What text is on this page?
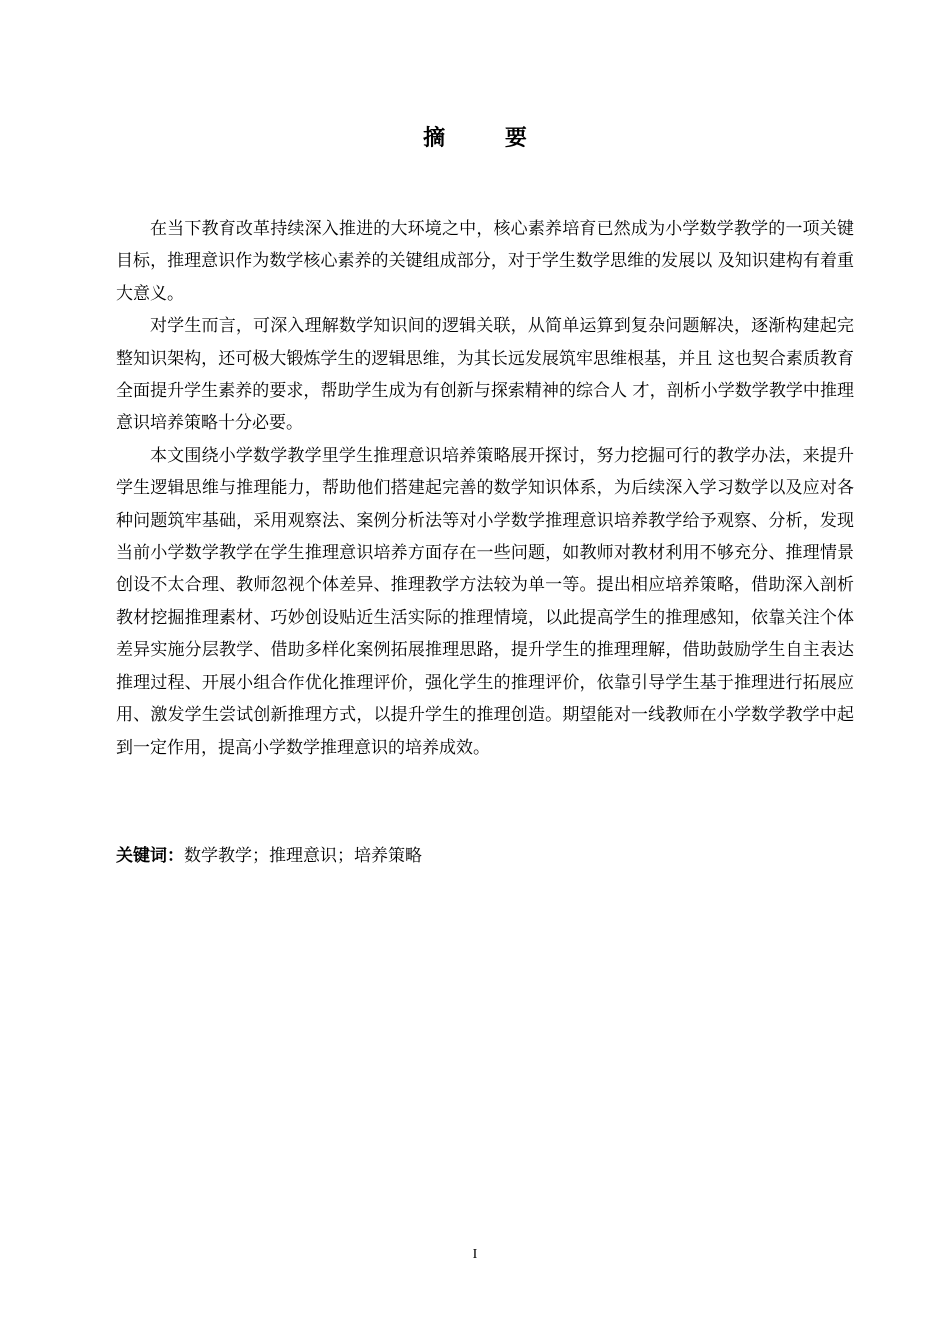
摘 要

在当下教育改革持续深入推进的大环境之中，核心素养培育已然成为小学数学教学的一项关键目标，推理意识作为数学核心素养的关键组成部分，对于学生数学思维的发展以 及知识建构有着重大意义。

对学生而言，可深入理解数学知识间的逻辑关联，从简单运算到复杂问题解决，逐渐构建起完整知识架构，还可极大锻炼学生的逻辑思维，为其长远发展筑牢思维根基，并且 这也契合素质教育全面提升学生素养的要求，帮助学生成为有创新与探索精神的综合人 才，剖析小学数学教学中推理意识培养策略十分必要。

本文围绕小学数学教学里学生推理意识培养策略展开探讨，努力挖掘可行的教学办法，来提升学生逻辑思维与推理能力，帮助他们搭建起完善的数学知识体系，为后续深入学习数学以及应对各种问题筑牢基础，采用观察法、案例分析法等对小学数学推理意识培养教学给予观察、分析，发现当前小学数学教学在学生推理意识培养方面存在一些问题，如教师对教材利用不够充分、推理情景创设不太合理、教师忽视个体差异、推理教学方法较为单一等。提出相应培养策略，借助深入剖析教材挖掘推理素材、巧妙创设贴近生活实际的推理情境，以此提高学生的推理感知，依靠关注个体差异实施分层教学、借助多样化案例拓展推理思路，提升学生的推理理解，借助鼓励学生自主表达推理过程、开展小组合作优化推理评价，强化学生的推理评价，依靠引导学生基于推理进行拓展应用、激发学生尝试创新推理方式，以提升学生的推理创造。期望能对一线教师在小学数学教学中起到一定作用，提高小学数学推理意识的培养成效。

关键词：数学教学；推理意识；培养策略
I
